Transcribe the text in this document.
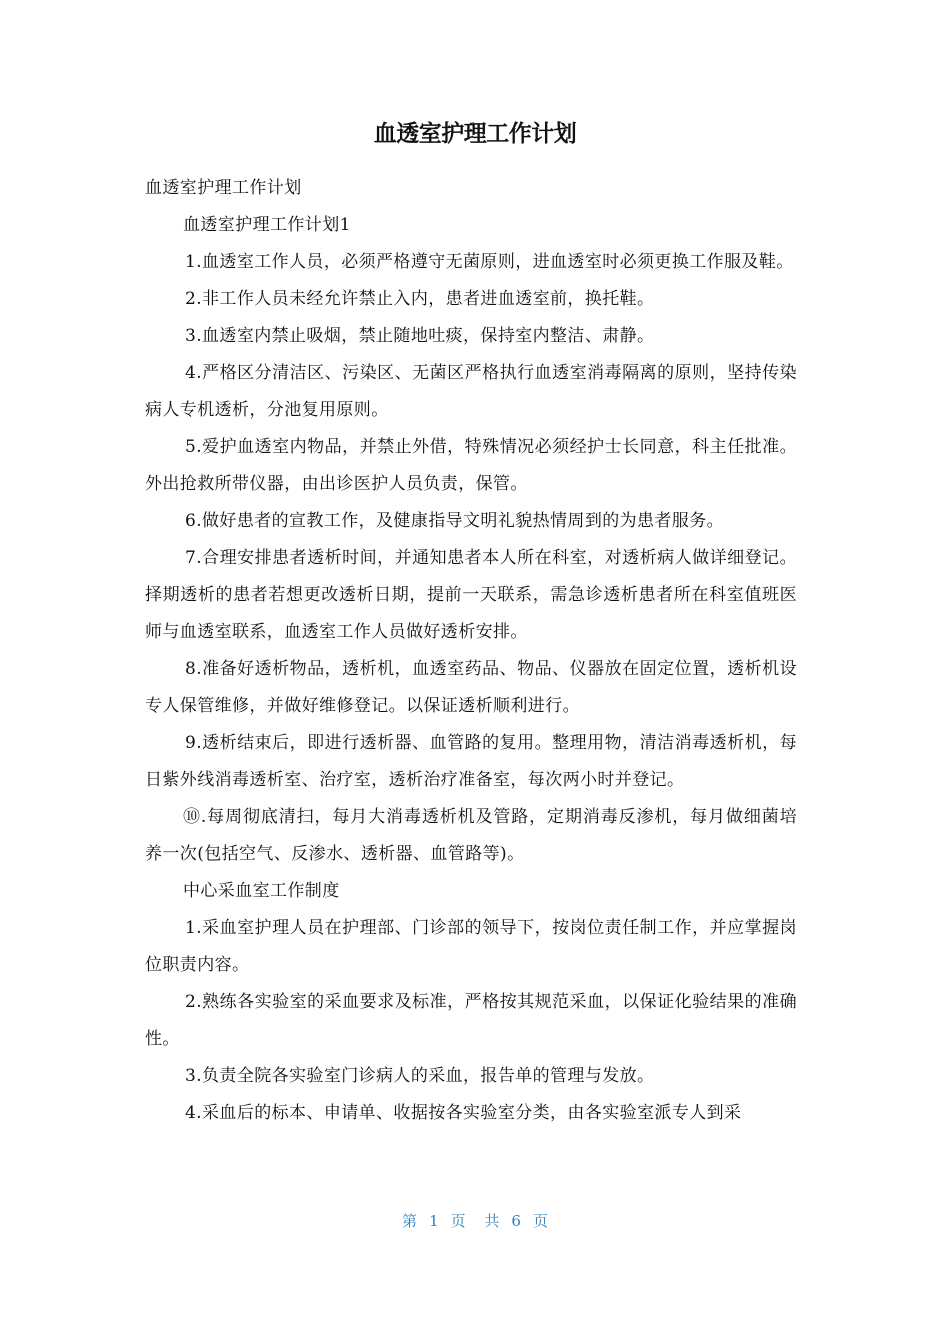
血透室护理工作计划

血透室护理工作计划

血透室护理工作计划1

1.血透室工作人员，必须严格遵守无菌原则，进血透室时必须更换工作服及鞋。

2.非工作人员未经允许禁止入内，患者进血透室前，换托鞋。

3.血透室内禁止吸烟，禁止随地吐痰，保持室内整洁、肃静。

4.严格区分清洁区、污染区、无菌区严格执行血透室消毒隔离的原则，坚持传染病人专机透析，分池复用原则。

5.爱护血透室内物品，并禁止外借，特殊情况必须经护士长同意，科主任批准。外出抢救所带仪器，由出诊医护人员负责，保管。

6.做好患者的宣教工作，及健康指导文明礼貌热情周到的为患者服务。

7.合理安排患者透析时间，并通知患者本人所在科室，对透析病人做详细登记。择期透析的患者若想更改透析日期，提前一天联系，需急诊透析患者所在科室值班医师与血透室联系，血透室工作人员做好透析安排。

8.准备好透析物品，透析机，血透室药品、物品、仪器放在固定位置，透析机设专人保管维修，并做好维修登记。以保证透析顺利进行。

9.透析结束后，即进行透析器、血管路的复用。整理用物，清洁消毒透析机，每日紫外线消毒透析室、治疗室，透析治疗准备室，每次两小时并登记。

⑩.每周彻底清扫，每月大消毒透析机及管路，定期消毒反渗机，每月做细菌培养一次(包括空气、反渗水、透析器、血管路等)。

中心采血室工作制度

1.采血室护理人员在护理部、门诊部的领导下，按岗位责任制工作，并应掌握岗位职责内容。

2.熟练各实验室的采血要求及标准，严格按其规范采血，以保证化验结果的准确性。

3.负责全院各实验室门诊病人的采血，报告单的管理与发放。

4.采血后的标本、申请单、收据按各实验室分类，由各实验室派专人到采

第 1 页 共 6 页
